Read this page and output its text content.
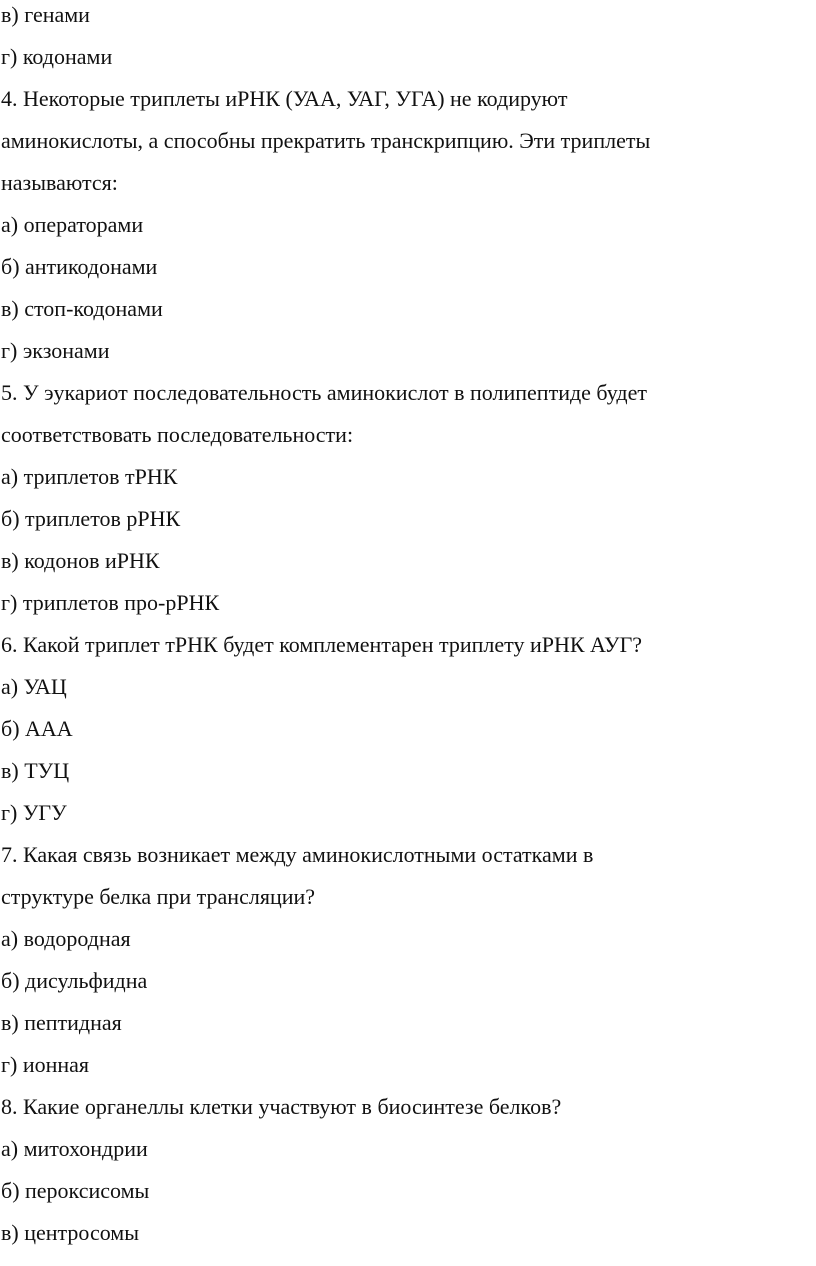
в) генами
г) кодонами
4. Некоторые триплеты иРНК (УАА, УАГ, УГА) не кодируют
аминокислоты, а способны прекратить транскрипцию. Эти триплеты
называются:
а) операторами
б) антикодонами
в) стоп-кодонами
г) экзонами
5. У эукариот последовательность аминокислот в полипептиде будет
соответствовать последовательности:
а) триплетов тРНК
б) триплетов рРНК
в) кодонов иРНК
г) триплетов про-рРНК
6. Какой триплет тРНК будет комплементарен триплету иРНК АУГ?
а) УАЦ
б) ААА
в) ТУЦ
г) УГУ
7. Какая связь возникает между аминокислотными остатками в
структуре белка при трансляции?
а) водородная
б) дисульфидна
в) пептидная
г) ионная
8. Какие органеллы клетки участвуют в биосинтезе белков?
а) митохондрии
б) пероксисомы
в) центросомы
